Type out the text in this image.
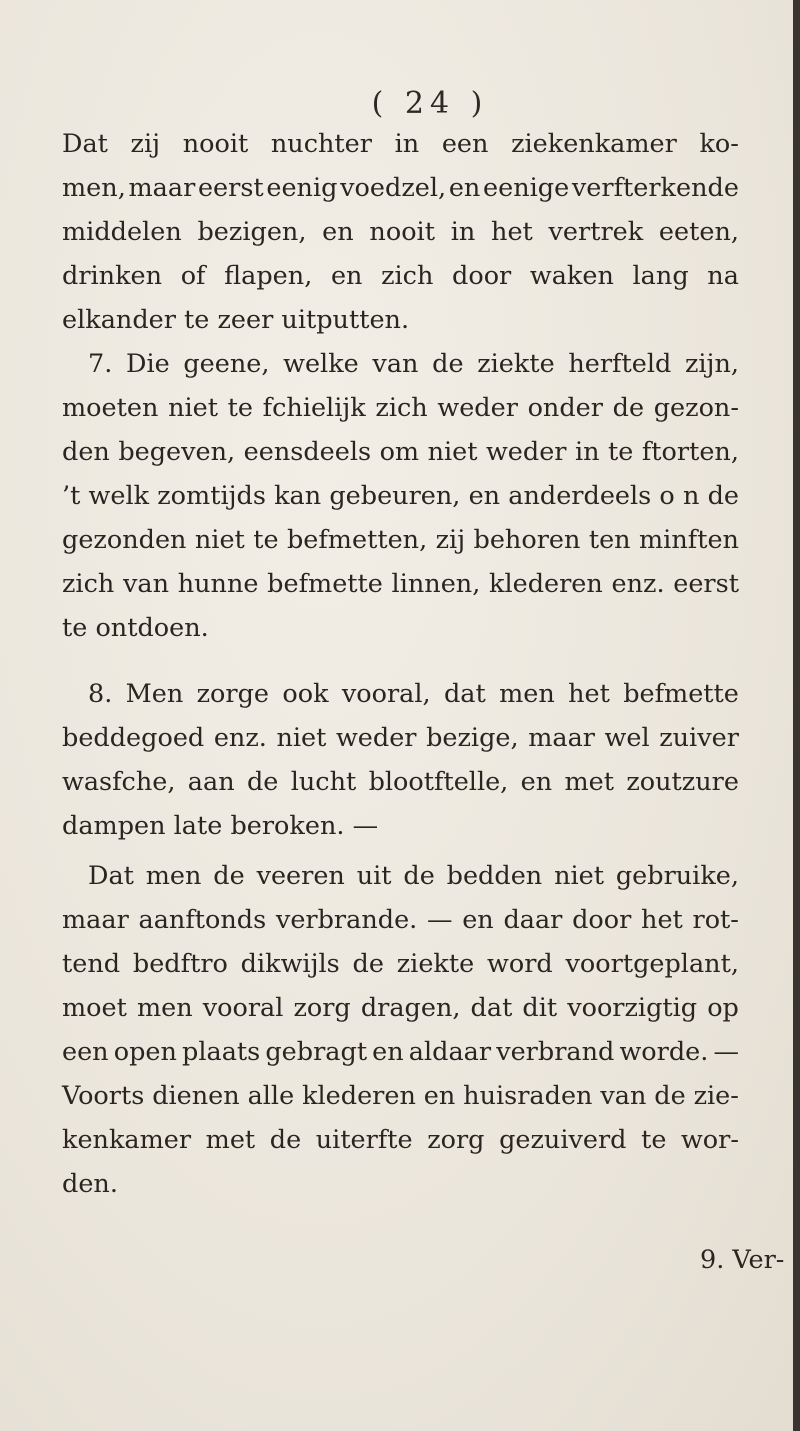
( 24 )
Dat zij nooit nuchter in een ziekenkamer ko-
men, maar eerst eenig voedzel, en eenige verfterkende
middelen bezigen, en nooit in het vertrek eeten,
drinken of flapen, en zich door waken lang na
elkander te zeer uitputten.
7. Die geene, welke van de ziekte herfteld zijn,
moeten niet te fchielijk zich weder onder de gezon-
den begeven, eensdeels om niet weder in te ftorten,
’t welk zomtijds kan gebeuren, en anderdeels o n de
gezonden niet te befmetten, zij behoren ten minften
zich van hunne befmette linnen, klederen enz. eerst
te ontdoen.
8. Men zorge ook vooral, dat men het befmette
beddegoed enz. niet weder bezige, maar wel zuiver
wasfche, aan de lucht blootftelle, en met zoutzure
dampen late beroken. —
Dat men de veeren uit de bedden niet gebruike,
maar aanftonds verbrande. — en daar door het rot-
tend bedftro dikwijls de ziekte word voortgeplant,
moet men vooral zorg dragen, dat dit voorzigtig op
een open plaats gebragt en aldaar verbrand worde. —
Voorts dienen alle klederen en huisraden van de zie-
kenkamer met de uiterfte zorg gezuiverd te wor-
den.
9. Ver-
